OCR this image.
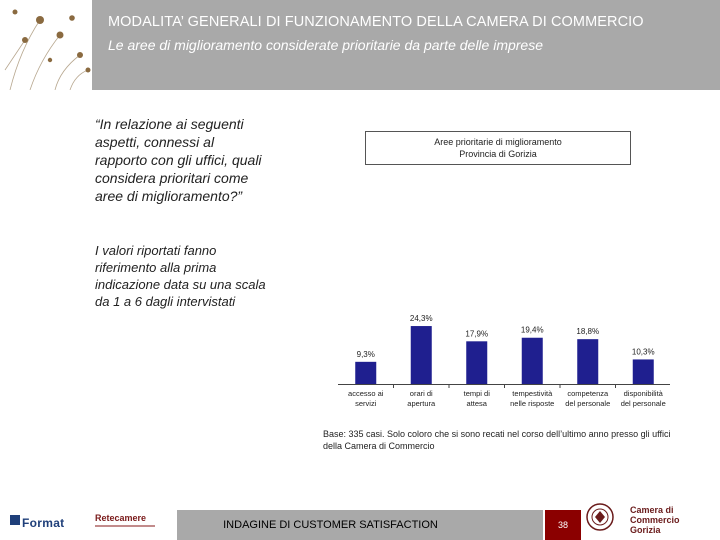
MODALITA’ GENERALI DI FUNZIONAMENTO DELLA CAMERA DI COMMERCIO
Le aree di miglioramento considerate prioritarie da parte delle imprese
“In relazione ai seguenti aspetti, connessi al rapporto con gli uffici, quali considera prioritari come aree di miglioramento?”
I valori riportati fanno riferimento alla prima indicazione data su una scala da 1 a 6 dagli intervistati
Aree prioritarie di miglioramento
Provincia di Gorizia
9,3%
accesso ai
servizi
24,3%
orari di
apertura
17,9%
tempi di
attesa
19,4%
tempestività
nelle risposte
18,8%
competenza
del personale
10,3%
disponibilità
del personale
Base: 335 casi. Solo coloro che si sono recati nel corso dell’ultimo anno presso gli uffici della Camera di Commercio
Format	Retecamere
INDAGINE DI CUSTOMER SATISFACTION	38
Camera di Commercio
Gorizia
